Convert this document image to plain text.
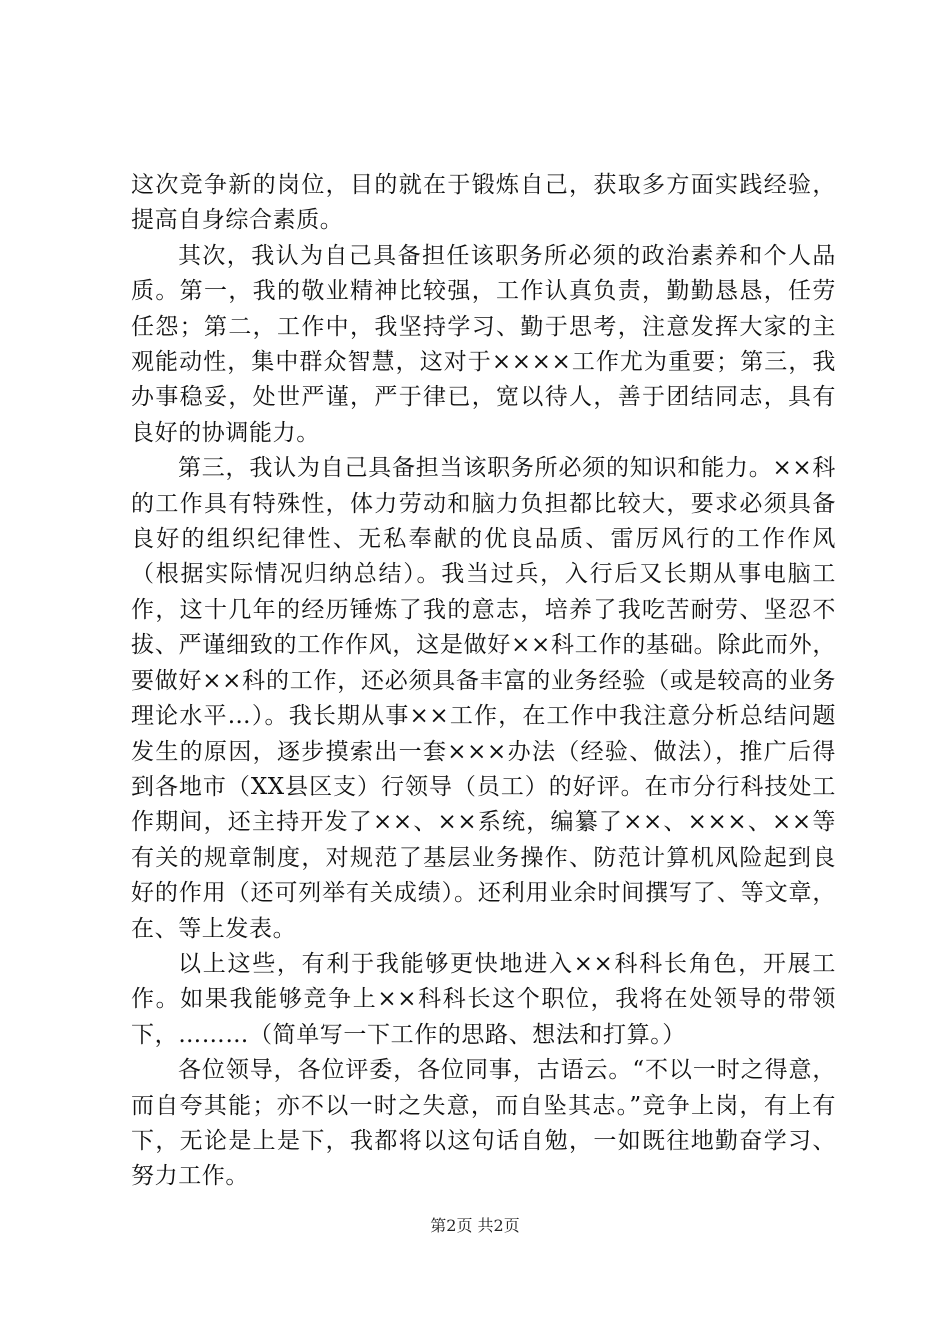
这次竞争新的岗位，目的就在于锻炼自己，获取多方面实践经验，提高自身综合素质。

其次，我认为自己具备担任该职务所必须的政治素养和个人品质。第一，我的敬业精神比较强，工作认真负责，勤勤恳恳，任劳任怨；第二，工作中，我坚持学习、勤于思考，注意发挥大家的主观能动性，集中群众智慧，这对于××××工作尤为重要；第三，我办事稳妥，处世严谨，严于律已，宽以待人，善于团结同志，具有良好的协调能力。

第三，我认为自己具备担当该职务所必须的知识和能力。××科的工作具有特殊性，体力劳动和脑力负担都比较大，要求必须具备良好的组织纪律性、无私奉献的优良品质、雷厉风行的工作作风（根据实际情况归纳总结）。我当过兵，入行后又长期从事电脑工作，这十几年的经历锤炼了我的意志，培养了我吃苦耐劳、坚忍不拔、严谨细致的工作作风，这是做好××科工作的基础。除此而外，要做好××科的工作，还必须具备丰富的业务经验（或是较高的业务理论水平…）。我长期从事××工作，在工作中我注意分析总结问题发生的原因，逐步摸索出一套×××办法（经验、做法），推广后得到各地市（XX县区支）行领导（员工）的好评。在市分行科技处工作期间，还主持开发了××、××系统，编纂了××、×××、××等有关的规章制度，对规范了基层业务操作、防范计算机风险起到良好的作用（还可列举有关成绩）。还利用业余时间撰写了、等文章，在、等上发表。

以上这些，有利于我能够更快地进入××科科长角色，开展工作。如果我能够竞争上××科科长这个职位，我将在处领导的带领下，………（简单写一下工作的思路、想法和打算。）

各位领导，各位评委，各位同事，古语云。“不以一时之得意，而自夸其能；亦不以一时之失意，而自坠其志。”竞争上岗，有上有下，无论是上是下，我都将以这句话自勉，一如既往地勤奋学习、努力工作。

第2页 共2页
